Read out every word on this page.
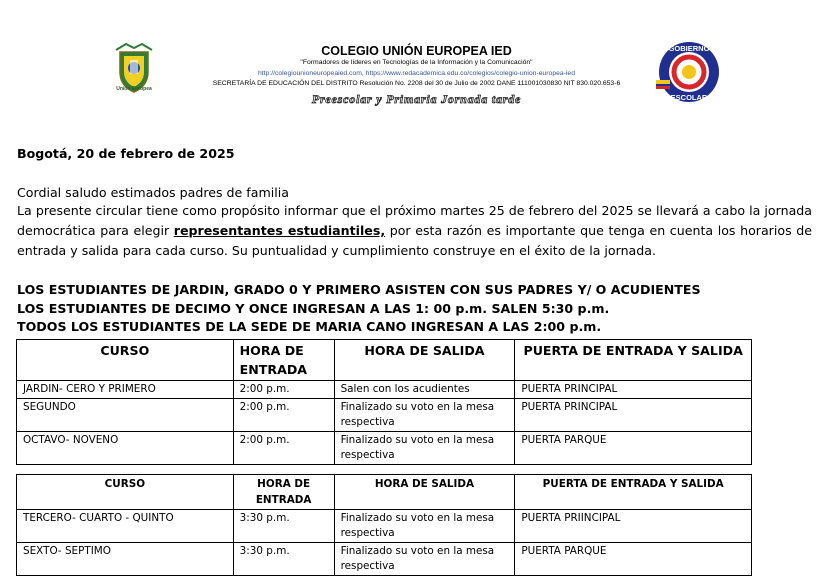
Unión Europea
COLEGIO UNIÓN EUROPEA IED
"Formadores de líderes en Tecnologías de la Información y la Comunicación"
http://colegiounioneuropeaied.com, https://www.redacademica.edu.co/colegios/colegio-union-europea-ied
SECRETARÍA DE EDUCACIÓN DEL DISTRITO Resolución No. 2208 del 30 de Julio de 2002 DANE 111001030830 NIT 830.020.653-6
Preescolar y Primaria Jornada tarde
GOBIERNO
ESCOLAR
Bogotá, 20 de febrero de 2025
Cordial saludo estimados padres de familia
La presente circular tiene como propósito informar que el próximo martes 25 de febrero del 2025 se llevará a cabo la jornada democrática para elegir representantes estudiantiles, por esta razón es importante que tenga en cuenta los horarios de entrada y salida para cada curso. Su puntualidad y cumplimiento construye en el éxito de la jornada.
LOS ESTUDIANTES DE JARDIN, GRADO 0 Y PRIMERO ASISTEN CON SUS PADRES Y/ O ACUDIENTES
LOS ESTUDIANTES DE DECIMO Y ONCE INGRESAN A LAS 1: 00 p.m. SALEN 5:30 p.m.
TODOS LOS ESTUDIANTES DE LA SEDE DE MARIA CANO INGRESAN A LAS 2:00 p.m.
CURSO	HORA DE ENTRADA	HORA DE SALIDA	PUERTA DE ENTRADA Y SALIDA
JARDIN- CERO Y PRIMERO	2:00 p.m.	Salen con los acudientes	PUERTA PRINCIPAL
SEGUNDO	2:00 p.m.	Finalizado su voto en la mesa respectiva	PUERTA PRINCIPAL
OCTAVO- NOVENO	2:00 p.m.	Finalizado su voto en la mesa respectiva	PUERTA PARQUE
CURSO	HORA DE ENTRADA	HORA DE SALIDA	PUERTA DE ENTRADA Y SALIDA
TERCERO- CUARTO - QUINTO	3:30 p.m.	Finalizado su voto en la mesa respectiva	PUERTA PRIINCIPAL
SEXTO- SEPTIMO	3:30 p.m.	Finalizado su voto en la mesa respectiva	PUERTA PARQUE
